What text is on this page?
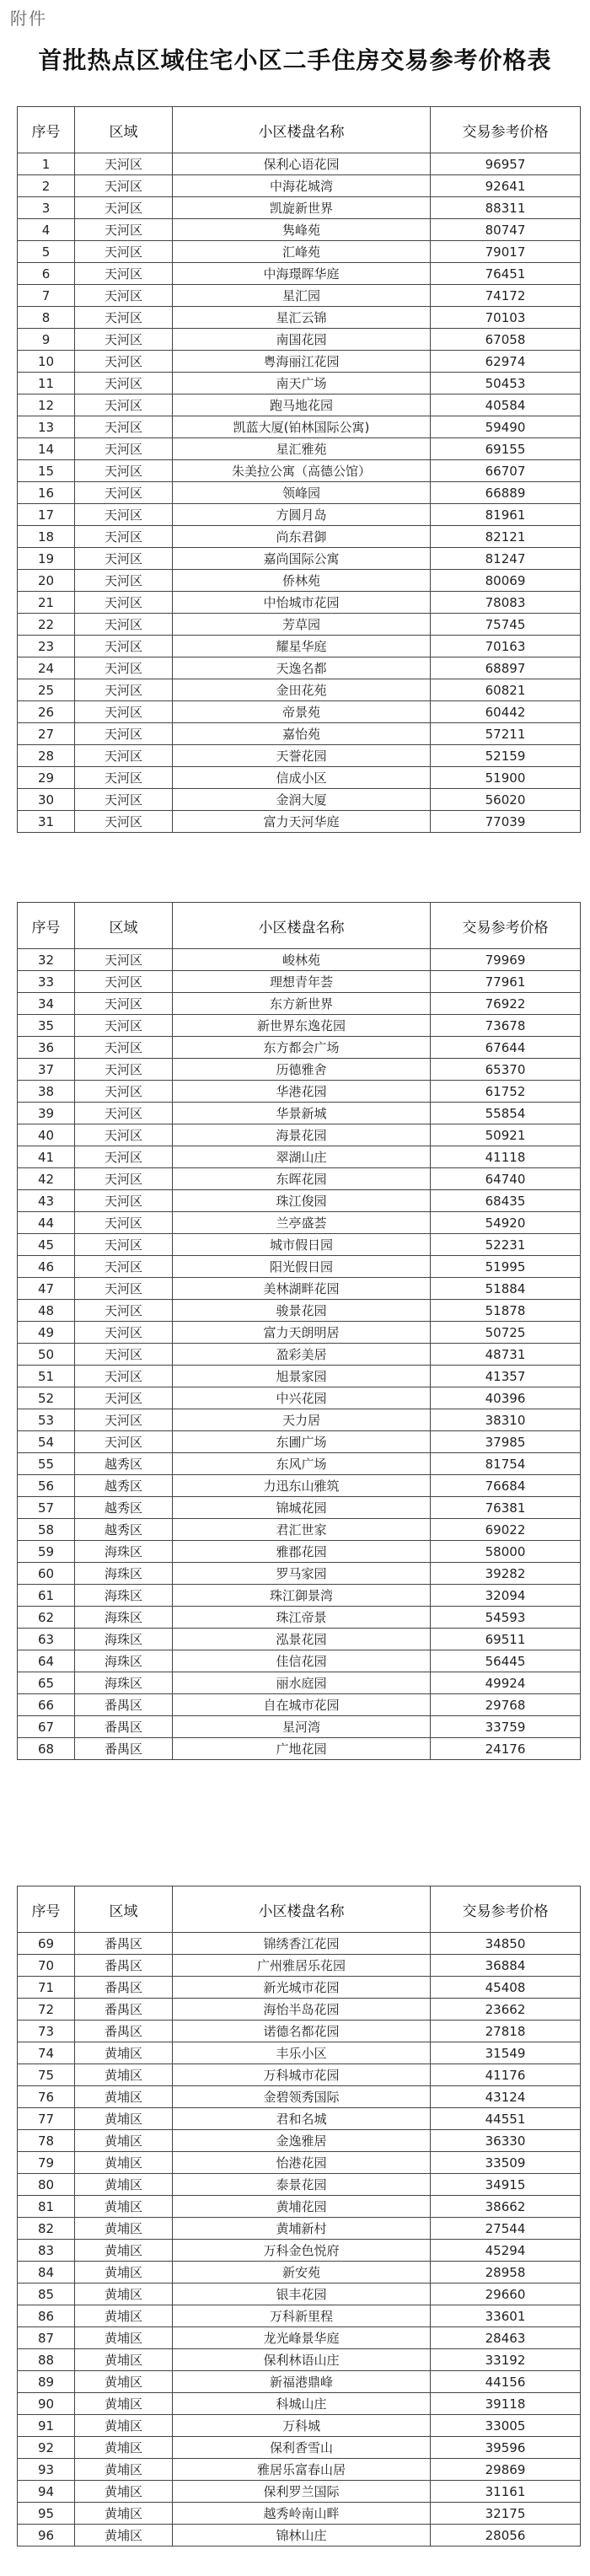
附件
首批热点区域住宅小区二手住房交易参考价格表
序号	区域	小区楼盘名称	交易参考价格
1	天河区	保利心语花园	96957
2	天河区	中海花城湾	92641
3	天河区	凯旋新世界	88311
4	天河区	隽峰苑	80747
5	天河区	汇峰苑	79017
6	天河区	中海璟晖华庭	76451
7	天河区	星汇园	74172
8	天河区	星汇云锦	70103
9	天河区	南国花园	67058
10	天河区	粤海丽江花园	62974
11	天河区	南天广场	50453
12	天河区	跑马地花园	40584
13	天河区	凯蓝大厦(铂林国际公寓)	59490
14	天河区	星汇雅苑	69155
15	天河区	朱美拉公寓（高德公馆）	66707
16	天河区	领峰园	66889
17	天河区	方圆月岛	81961
18	天河区	尚东君御	82121
19	天河区	嘉尚国际公寓	81247
20	天河区	侨林苑	80069
21	天河区	中怡城市花园	78083
22	天河区	芳草园	75745
23	天河区	耀星华庭	70163
24	天河区	天逸名都	68897
25	天河区	金田花苑	60821
26	天河区	帝景苑	60442
27	天河区	嘉怡苑	57211
28	天河区	天誉花园	52159
29	天河区	信成小区	51900
30	天河区	金润大厦	56020
31	天河区	富力天河华庭	77039
序号	区域	小区楼盘名称	交易参考价格
32	天河区	峻林苑	79969
33	天河区	理想青年荟	77961
34	天河区	东方新世界	76922
35	天河区	新世界东逸花园	73678
36	天河区	东方都会广场	67644
37	天河区	历德雅舍	65370
38	天河区	华港花园	61752
39	天河区	华景新城	55854
40	天河区	海景花园	50921
41	天河区	翠湖山庄	41118
42	天河区	东晖花园	64740
43	天河区	珠江俊园	68435
44	天河区	兰亭盛荟	54920
45	天河区	城市假日园	52231
46	天河区	阳光假日园	51995
47	天河区	美林湖畔花园	51884
48	天河区	骏景花园	51878
49	天河区	富力天朗明居	50725
50	天河区	盈彩美居	48731
51	天河区	旭景家园	41357
52	天河区	中兴花园	40396
53	天河区	天力居	38310
54	天河区	东圃广场	37985
55	越秀区	东风广场	81754
56	越秀区	力迅东山雅筑	76684
57	越秀区	锦城花园	76381
58	越秀区	君汇世家	69022
59	海珠区	雅郡花园	58000
60	海珠区	罗马家园	39282
61	海珠区	珠江御景湾	32094
62	海珠区	珠江帝景	54593
63	海珠区	泓景花园	69511
64	海珠区	佳信花园	56445
65	海珠区	丽水庭园	49924
66	番禺区	自在城市花园	29768
67	番禺区	星河湾	33759
68	番禺区	广地花园	24176
序号	区域	小区楼盘名称	交易参考价格
69	番禺区	锦绣香江花园	34850
70	番禺区	广州雅居乐花园	36884
71	番禺区	新光城市花园	45408
72	番禺区	海怡半岛花园	23662
73	番禺区	诺德名都花园	27818
74	黄埔区	丰乐小区	31549
75	黄埔区	万科城市花园	41176
76	黄埔区	金碧领秀国际	43124
77	黄埔区	君和名城	44551
78	黄埔区	金逸雅居	36330
79	黄埔区	怡港花园	33509
80	黄埔区	泰景花园	34915
81	黄埔区	黄埔花园	38662
82	黄埔区	黄埔新村	27544
83	黄埔区	万科金色悦府	45294
84	黄埔区	新安苑	28958
85	黄埔区	银丰花园	29660
86	黄埔区	万科新里程	33601
87	黄埔区	龙光峰景华庭	28463
88	黄埔区	保利林语山庄	33192
89	黄埔区	新福港鼎峰	44156
90	黄埔区	科城山庄	39118
91	黄埔区	万科城	33005
92	黄埔区	保利香雪山	39596
93	黄埔区	雅居乐富春山居	29869
94	黄埔区	保利罗兰国际	31161
95	黄埔区	越秀岭南山畔	32175
96	黄埔区	锦林山庄	28056
